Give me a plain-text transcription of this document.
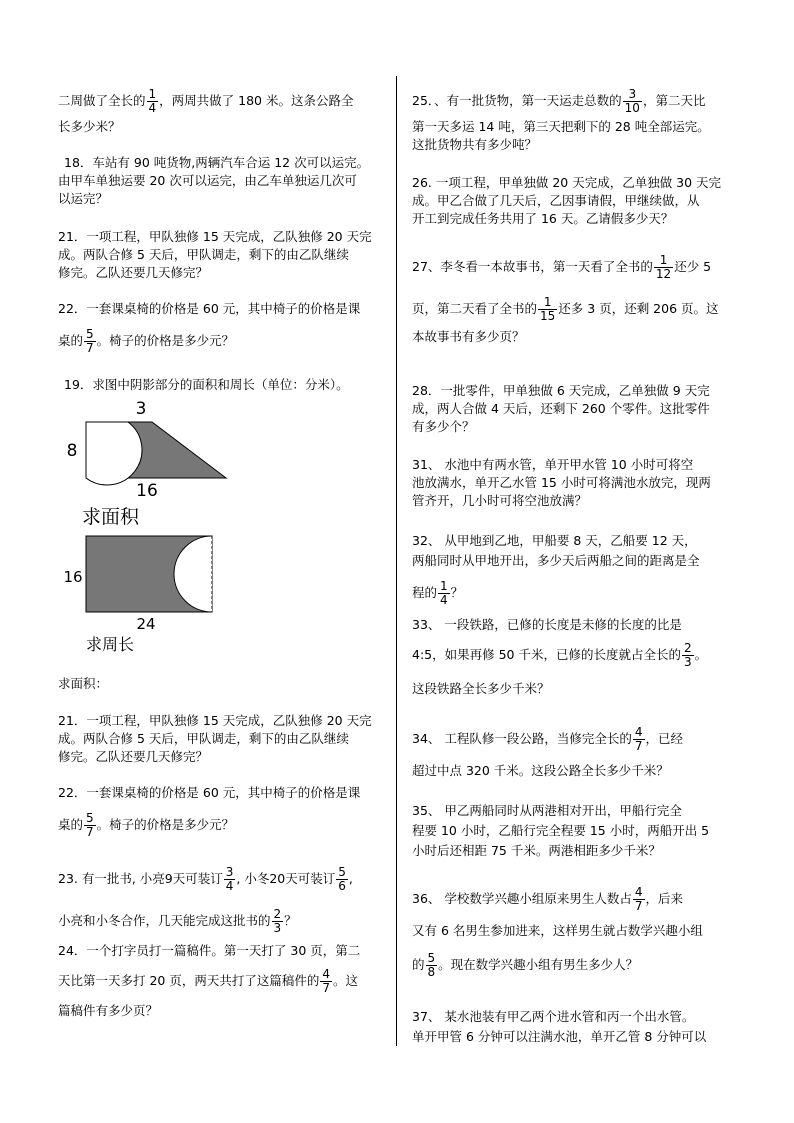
二周做了全长的 $\frac{1}{4}$ ，两周共做了 180 米。这条公路全
长多少米？
18．车站有 90 吨货物,两辆汽车合运 12 次可以运完。
由甲车单独运要 20 次可以运完，由乙车单独运几次可
以运完？
21．一项工程，甲队独修 15 天完成，乙队独修 20 天完
成。两队合修 5 天后，甲队调走，剩下的由乙队继续
修完。乙队还要几天修完？
22．一套课桌椅的价格是 60 元，其中椅子的价格是课
桌的 $\frac{5}{7}$ 。椅子的价格是多少元？
19．求图中阴影部分的面积和周长（单位：分米）。
3
8
16
求面积
16
24
求周长
求面积：
21．一项工程，甲队独修 15 天完成，乙队独修 20 天完
成。两队合修 5 天后，甲队调走，剩下的由乙队继续
修完。乙队还要几天修完？
22．一套课桌椅的价格是 60 元，其中椅子的价格是课
桌的 $\frac{5}{7}$ 。椅子的价格是多少元？
23. 有一批书, 小亮9天可装订 $\frac{3}{4}$ , 小冬20天可装订 $\frac{5}{6}$ ,
小亮和小冬合作，几天能完成这批书的 $\frac{2}{3}$ ？
24．一个打字员打一篇稿件。第一天打了 30 页，第二
天比第一天多打 20 页，两天共打了这篇稿件的 $\frac{4}{7}$ 。这
篇稿件有多少页？
25．、有一批货物，第一天运走总数的 $\frac{3}{10}$ ，第二天比
第一天多运 14 吨，第三天把剩下的 28 吨全部运完。
这批货物共有多少吨？
26. 一项工程，甲单独做 20 天完成，乙单独做 30 天完
成。甲乙合做了几天后，乙因事请假，甲继续做，从
开工到完成任务共用了 16 天。乙请假多少天？
27、李冬看一本故事书，第一天看了全书的 $\frac{1}{12}$ 还少 5
页，第二天看了全书的 $\frac{1}{15}$ 还多 3 页，还剩 206 页。这
本故事书有多少页？
28．一批零件，甲单独做 6 天完成，乙单独做 9 天完
成，两人合做 4 天后，还剩下 260 个零件。这批零件
有多少个？
31、 水池中有两水管，单开甲水管 10 小时可将空
池放满水，单开乙水管 15 小时可将满池水放完，现两
管齐开，几小时可将空池放满？
32、 从甲地到乙地，甲船要 8 天，乙船要 12 天，
两船同时从甲地开出，多少天后两船之间的距离是全
程的 $\frac{1}{4}$ ？
33、 一段铁路，已修的长度是未修的长度的比是
4:5，如果再修 50 千米，已修的长度就占全长的 $\frac{2}{3}$ 。
这段铁路全长多少千米？
34、 工程队修一段公路，当修完全长的 $\frac{4}{7}$ ，已经
超过中点 320 千米。这段公路全长多少千米？
35、 甲乙两船同时从两港相对开出，甲船行完全
程要 10 小时，乙船行完全程要 15 小时，两船开出 5
小时后还相距 75 千米。两港相距多少千米？
36、 学校数学兴趣小组原来男生人数占 $\frac{4}{7}$ ，后来
又有 6 名男生参加进来，这样男生就占数学兴趣小组
的 $\frac{5}{8}$ 。现在数学兴趣小组有男生多少人？
37、 某水池装有甲乙两个进水管和丙一个出水管。
单开甲管 6 分钟可以注满水池，单开乙管 8 分钟可以
